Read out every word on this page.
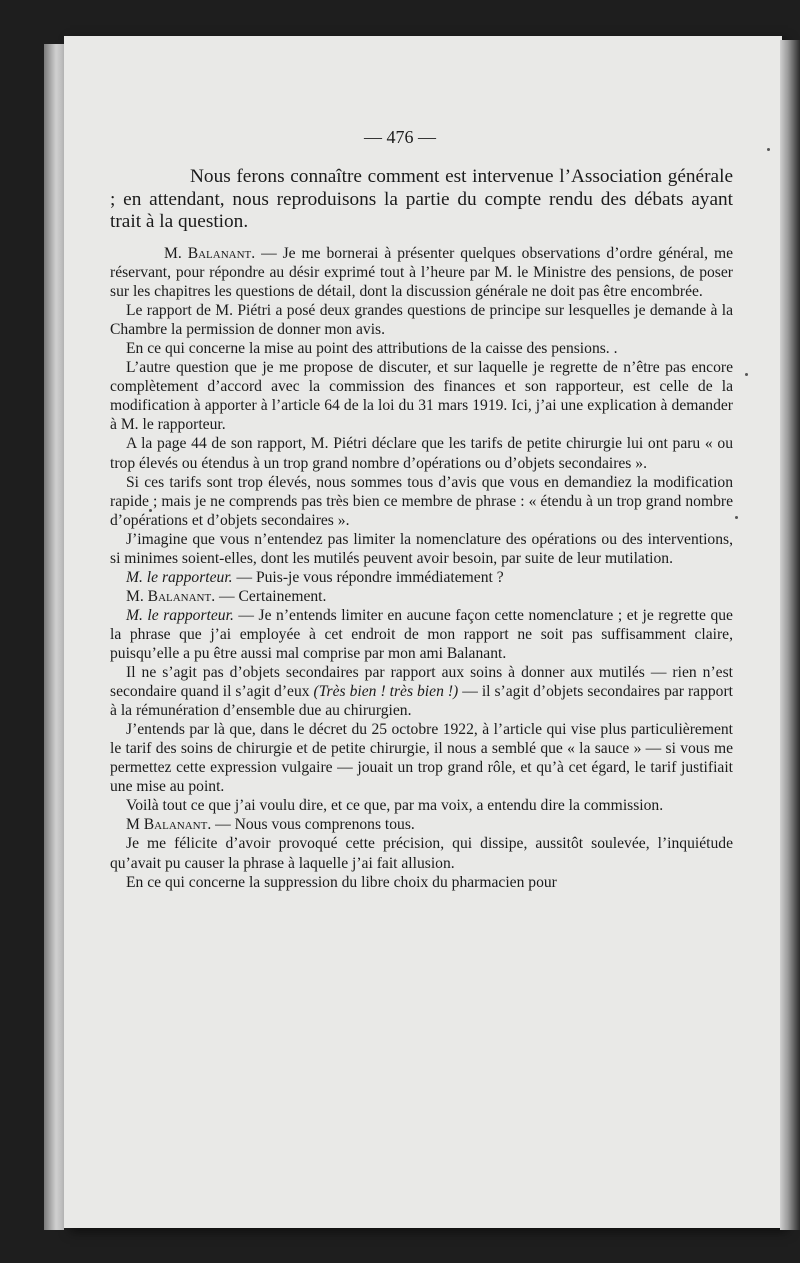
— 476 —
Nous ferons connaître comment est intervenue l’Association générale ; en attendant, nous reproduisons la partie du compte rendu des débats ayant trait à la question.

M. Balanant. — Je me bornerai à présenter quelques observations d’ordre général, me réservant, pour répondre au désir exprimé tout à l’heure par M. le Ministre des pensions, de poser sur les chapitres les questions de détail, dont la discussion générale ne doit pas être encombrée.

Le rapport de M. Piétri a posé deux grandes questions de principe sur lesquelles je demande à la Chambre la permission de donner mon avis.

En ce qui concerne la mise au point des attributions de la caisse des pensions. .

L’autre question que je me propose de discuter, et sur laquelle je regrette de n’être pas encore complètement d’accord avec la commission des finances et son rapporteur, est celle de la modification à apporter à l’article 64 de la loi du 31 mars 1919. Ici, j’ai une explication à demander à M. le rapporteur.

A la page 44 de son rapport, M. Piétri déclare que les tarifs de petite chirurgie lui ont paru « ou trop élevés ou étendus à un trop grand nombre d’opérations ou d’objets secondaires ».

Si ces tarifs sont trop élevés, nous sommes tous d’avis que vous en demandiez la modification rapide ; mais je ne comprends pas très bien ce membre de phrase : « étendu à un trop grand nombre d’opérations et d’objets secondaires ».

J’imagine que vous n’entendez pas limiter la nomenclature des opérations ou des interventions, si minimes soient-elles, dont les mutilés peuvent avoir besoin, par suite de leur mutilation.

M. le rapporteur. — Puis-je vous répondre immédiatement ?

M. Balanant. — Certainement.

M. le rapporteur. — Je n’entends limiter en aucune façon cette nomenclature ; et je regrette que la phrase que j’ai employée à cet endroit de mon rapport ne soit pas suffisamment claire, puisqu’elle a pu être aussi mal comprise par mon ami Balanant.

Il ne s’agit pas d’objets secondaires par rapport aux soins à donner aux mutilés — rien n’est secondaire quand il s’agit d’eux (Très bien ! très bien !) — il s’agit d’objets secondaires par rapport à la rémunération d’ensemble due au chirurgien.

J’entends par là que, dans le décret du 25 octobre 1922, à l’article qui vise plus particulièrement le tarif des soins de chirurgie et de petite chirurgie, il nous a semblé que « la sauce » — si vous me permettez cette expression vulgaire — jouait un trop grand rôle, et qu’à cet égard, le tarif justifiait une mise au point.

Voilà tout ce que j’ai voulu dire, et ce que, par ma voix, a entendu dire la commission.

M Balanant. — Nous vous comprenons tous.

Je me félicite d’avoir provoqué cette précision, qui dissipe, aussitôt soulevée, l’inquiétude qu’avait pu causer la phrase à laquelle j’ai fait allusion.

En ce qui concerne la suppression du libre choix du pharmacien pour
